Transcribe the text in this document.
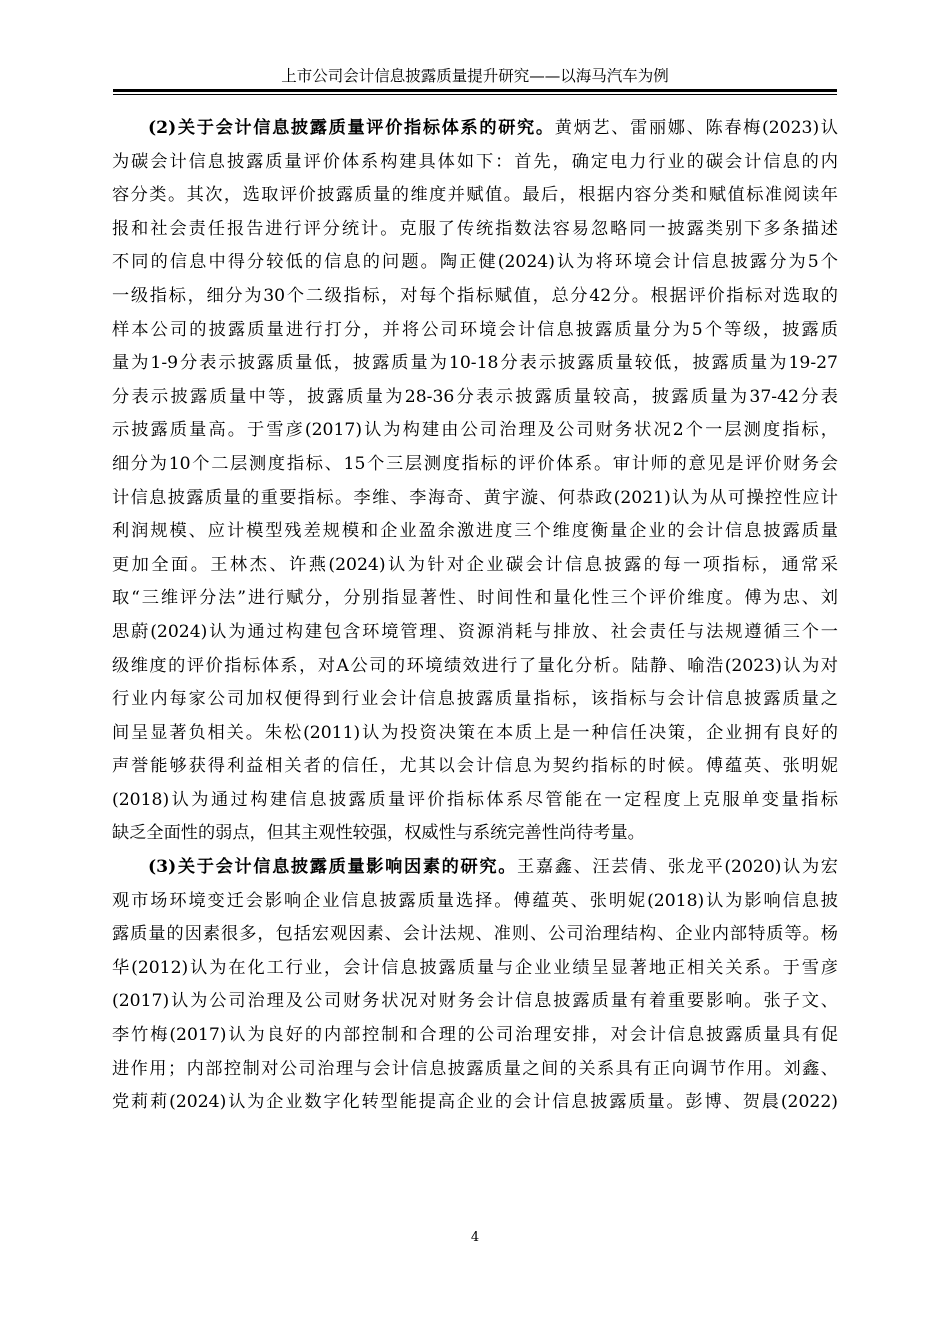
上市公司会计信息披露质量提升研究——以海马汽车为例
(2)关于会计信息披露质量评价指标体系的研究。黄炳艺、雷丽娜、陈春梅(2023)认
为碳会计信息披露质量评价体系构建具体如下：首先，确定电力行业的碳会计信息的内
容分类。其次，选取评价披露质量的维度并赋值。最后，根据内容分类和赋值标准阅读年
报和社会责任报告进行评分统计。克服了传统指数法容易忽略同一披露类别下多条描述
不同的信息中得分较低的信息的问题。陶正健(2024)认为将环境会计信息披露分为5个
一级指标，细分为30个二级指标，对每个指标赋值，总分42分。根据评价指标对选取的
样本公司的披露质量进行打分，并将公司环境会计信息披露质量分为5个等级，披露质
量为1-9分表示披露质量低，披露质量为10-18分表示披露质量较低，披露质量为19-27
分表示披露质量中等，披露质量为28-36分表示披露质量较高，披露质量为37-42分表
示披露质量高。于雪彦(2017)认为构建由公司治理及公司财务状况2个一层测度指标，
细分为10个二层测度指标、15个三层测度指标的评价体系。审计师的意见是评价财务会
计信息披露质量的重要指标。李维、李海奇、黄宇漩、何恭政(2021)认为从可操控性应计
利润规模、应计模型残差规模和企业盈余激进度三个维度衡量企业的会计信息披露质量
更加全面。王林杰、许燕(2024)认为针对企业碳会计信息披露的每一项指标，通常采
取“三维评分法”进行赋分，分别指显著性、时间性和量化性三个评价维度。傅为忠、刘
思蔚(2024)认为通过构建包含环境管理、资源消耗与排放、社会责任与法规遵循三个一
级维度的评价指标体系，对A公司的环境绩效进行了量化分析。陆静、喻浩(2023)认为对
行业内每家公司加权便得到行业会计信息披露质量指标，该指标与会计信息披露质量之
间呈显著负相关。朱松(2011)认为投资决策在本质上是一种信任决策，企业拥有良好的
声誉能够获得利益相关者的信任，尤其以会计信息为契约指标的时候。傅蕴英、张明妮
(2018)认为通过构建信息披露质量评价指标体系尽管能在一定程度上克服单变量指标
缺乏全面性的弱点，但其主观性较强，权威性与系统完善性尚待考量。
(3)关于会计信息披露质量影响因素的研究。王嘉鑫、汪芸倩、张龙平(2020)认为宏
观市场环境变迁会影响企业信息披露质量选择。傅蕴英、张明妮(2018)认为影响信息披
露质量的因素很多，包括宏观因素、会计法规、准则、公司治理结构、企业内部特质等。杨
华(2012)认为在化工行业，会计信息披露质量与企业业绩呈显著地正相关关系。于雪彦
(2017)认为公司治理及公司财务状况对财务会计信息披露质量有着重要影响。张子文、
李竹梅(2017)认为良好的内部控制和合理的公司治理安排，对会计信息披露质量具有促
进作用；内部控制对公司治理与会计信息披露质量之间的关系具有正向调节作用。刘鑫、
党莉莉(2024)认为企业数字化转型能提高企业的会计信息披露质量。彭博、贺晨(2022)
4
